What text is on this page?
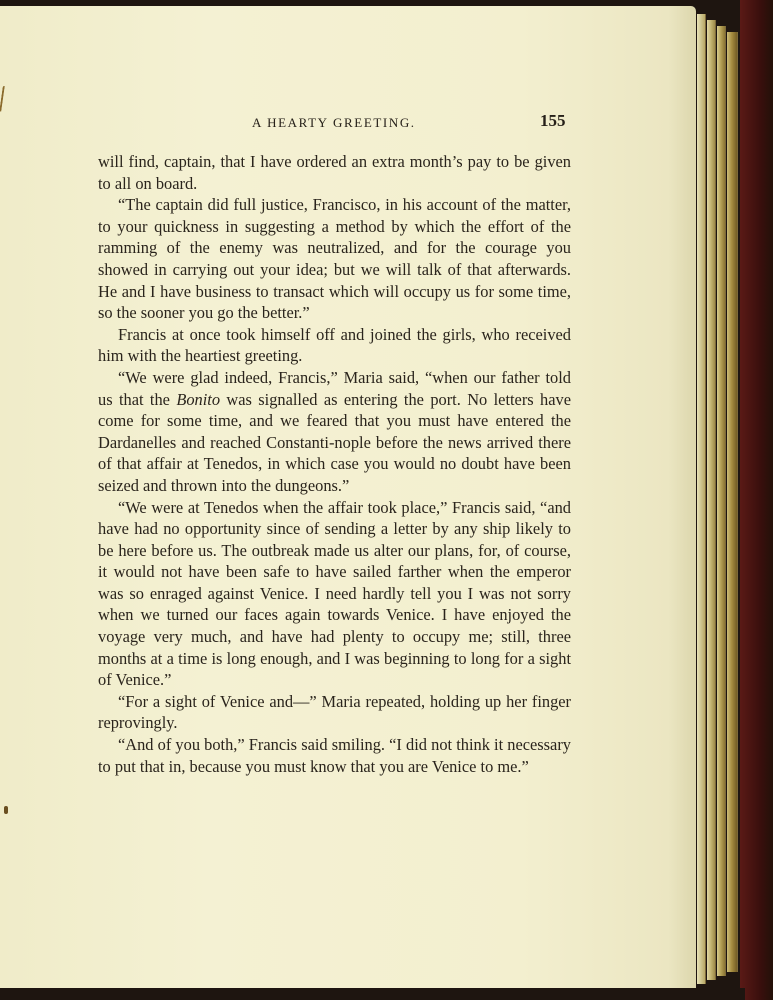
A HEARTY GREETING.	155

will find, captain, that I have ordered an extra month’s pay to be given to all on board.

“The captain did full justice, Francisco, in his account of the matter, to your quickness in suggesting a method by which the effort of the ramming of the enemy was neutralized, and for the courage you showed in carrying out your idea; but we will talk of that afterwards. He and I have business to transact which will occupy us for some time, so the sooner you go the better.”

Francis at once took himself off and joined the girls, who received him with the heartiest greeting.

“We were glad indeed, Francis,” Maria said, “when our father told us that the Bonito was signalled as entering the port. No letters have come for some time, and we feared that you must have entered the Dardanelles and reached Constanti-nople before the news arrived there of that affair at Tenedos, in which case you would no doubt have been seized and thrown into the dungeons.”

“We were at Tenedos when the affair took place,” Francis said, “and have had no opportunity since of sending a letter by any ship likely to be here before us. The outbreak made us alter our plans, for, of course, it would not have been safe to have sailed farther when the emperor was so enraged against Venice. I need hardly tell you I was not sorry when we turned our faces again towards Venice. I have enjoyed the voyage very much, and have had plenty to occupy me; still, three months at a time is long enough, and I was beginning to long for a sight of Venice.”

“For a sight of Venice and—” Maria repeated, holding up her finger reprovingly.

“And of you both,” Francis said smiling. “I did not think it necessary to put that in, because you must know that you are Venice to me.”
